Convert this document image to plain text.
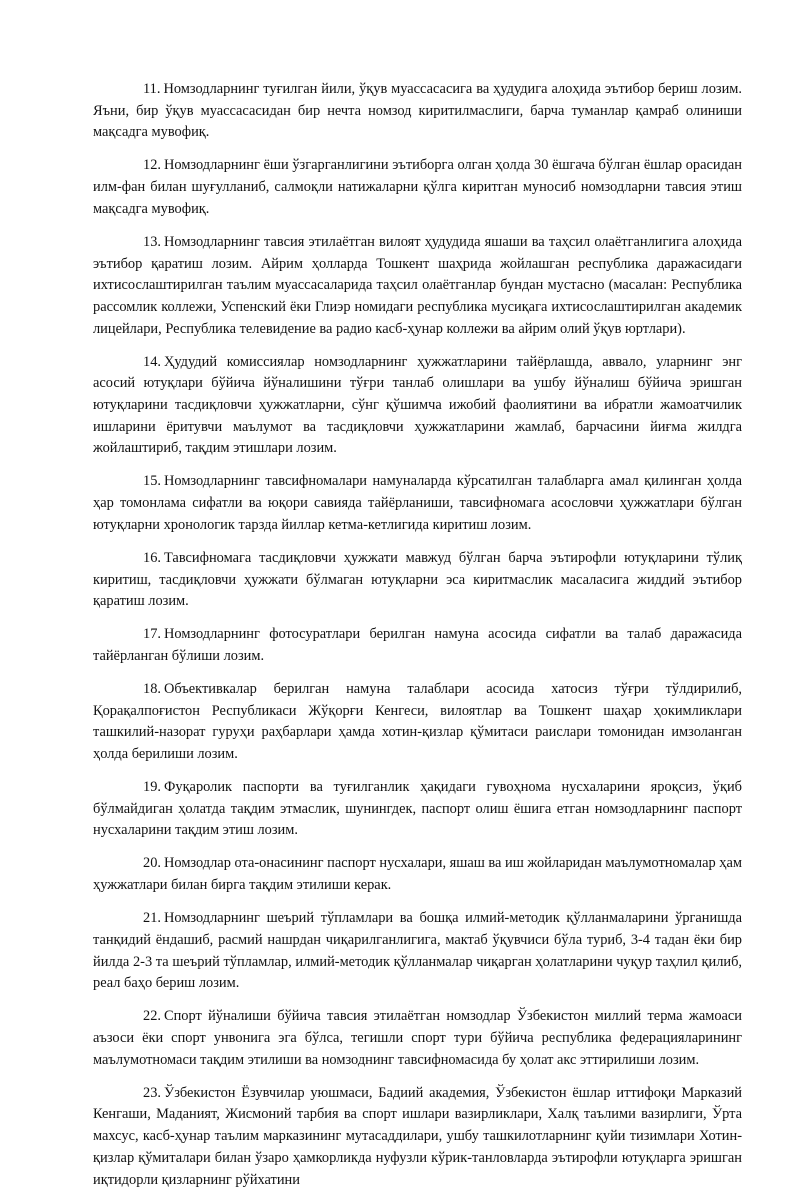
11. Номзодларнинг туғилган йили, ўқув муассасасига ва ҳудудига алоҳида эътибор бериш лозим. Яъни, бир ўқув муассасасидан бир нечта номзод киритилмаслиги, барча туманлар қамраб олиниши мақсадга мувофиқ.

12. Номзодларнинг ёши ўзгарганлигини эътиборга олган ҳолда 30 ёшгача бўлган ёшлар орасидан илм-фан билан шуғулланиб, салмоқли натижаларни қўлга киритган муносиб номзодларни тавсия этиш мақсадга мувофиқ.

13. Номзодларнинг тавсия этилаётган вилоят ҳудудида яшаши ва таҳсил олаётганлигига алоҳида эътибор қаратиш лозим. Айрим ҳолларда Тошкент шаҳрида жойлашган республика даражасидаги ихтисослаштирилган таълим муассасаларида таҳсил олаётганлар бундан мустасно (масалан: Республика рассомлик коллежи, Успенский ёки Глиэр номидаги республика мусиқага ихтисослаштирилган академик лицейлари, Республика телевидение ва радио касб-ҳунар коллежи ва айрим олий ўқув юртлари).

14. Ҳудудий комиссиялар номзодларнинг ҳужжатларини тайёрлашда, аввало, уларнинг энг асосий ютуқлари бўйича йўналишини тўғри танлаб олишлари ва ушбу йўналиш бўйича эришган ютуқларини тасдиқловчи ҳужжатларни, сўнг қўшимча ижобий фаолиятини ва ибратли жамоатчилик ишларини ёритувчи маълумот ва тасдиқловчи ҳужжатларини жамлаб, барчасини йиғма жилдга жойлаштириб, тақдим этишлари лозим.

15. Номзодларнинг тавсифномалари намуналарда кўрсатилган талабларга амал қилинган ҳолда ҳар томонлама сифатли ва юқори савияда тайёрланиши, тавсифномага асословчи ҳужжатлари бўлган ютуқларни хронологик тарзда йиллар кетма-кетлигида киритиш лозим.

16. Тавсифномага тасдиқловчи ҳужжати мавжуд бўлган барча эътирофли ютуқларини тўлиқ киритиш, тасдиқловчи ҳужжати бўлмаган ютуқларни эса киритмаслик масаласига жиддий эътибор қаратиш лозим.

17. Номзодларнинг фотосуратлари берилган намуна асосида сифатли ва талаб даражасида тайёрланган бўлиши лозим.

18. Объективкалар берилган намуна талаблари асосида хатосиз тўғри тўлдирилиб, Қорақалпоғистон Республикаси Жўқорғи Кенгеси, вилоятлар ва Тошкент шаҳар ҳокимликлари ташкилий-назорат гуруҳи раҳбарлари ҳамда хотин-қизлар қўмитаси раислари томонидан имзоланган ҳолда берилиши лозим.

19. Фуқаролик паспорти ва туғилганлик ҳақидаги гувоҳнома нусхаларини яроқсиз, ўқиб бўлмайдиган ҳолатда тақдим этмаслик, шунингдек, паспорт олиш ёшига етган номзодларнинг паспорт нусхаларини тақдим этиш лозим.

20. Номзодлар ота-онасининг паспорт нусхалари, яшаш ва иш жойларидан маълумотномалар ҳам ҳужжатлари билан бирга тақдим этилиши керак.

21. Номзодларнинг шеърий тўпламлари ва бошқа илмий-методик қўлланмаларини ўрганишда танқидий ёндашиб, расмий нашрдан чиқарилганлигига, мактаб ўқувчиси бўла туриб, 3-4 тадан ёки бир йилда 2-3 та шеърий тўпламлар, илмий-методик қўлланмалар чиқарган ҳолатларини чуқур таҳлил қилиб, реал баҳо бериш лозим.

22. Спорт йўналиши бўйича тавсия этилаётган номзодлар Ўзбекистон миллий терма жамоаси аъзоси ёки спорт унвонига эга бўлса, тегишли спорт тури бўйича республика федерацияларининг маълумотномаси тақдим этилиши ва номзоднинг тавсифномасида бу ҳолат акс эттирилиши лозим.

23. Ўзбекистон Ёзувчилар уюшмаси, Бадиий академия, Ўзбекистон ёшлар иттифоқи Марказий Кенгаши, Маданият, Жисмоний тарбия ва спорт ишлари вазирликлари, Халқ таълими вазирлиги, Ўрта махсус, касб-ҳунар таълим марказининг мутасаддилари, ушбу ташкилотларнинг қуйи тизимлари Хотин-қизлар қўмиталари билан ўзаро ҳамкорликда нуфузли кўрик-танловларда эътирофли ютуқларга эришган иқтидорли қизларнинг рўйхатини
